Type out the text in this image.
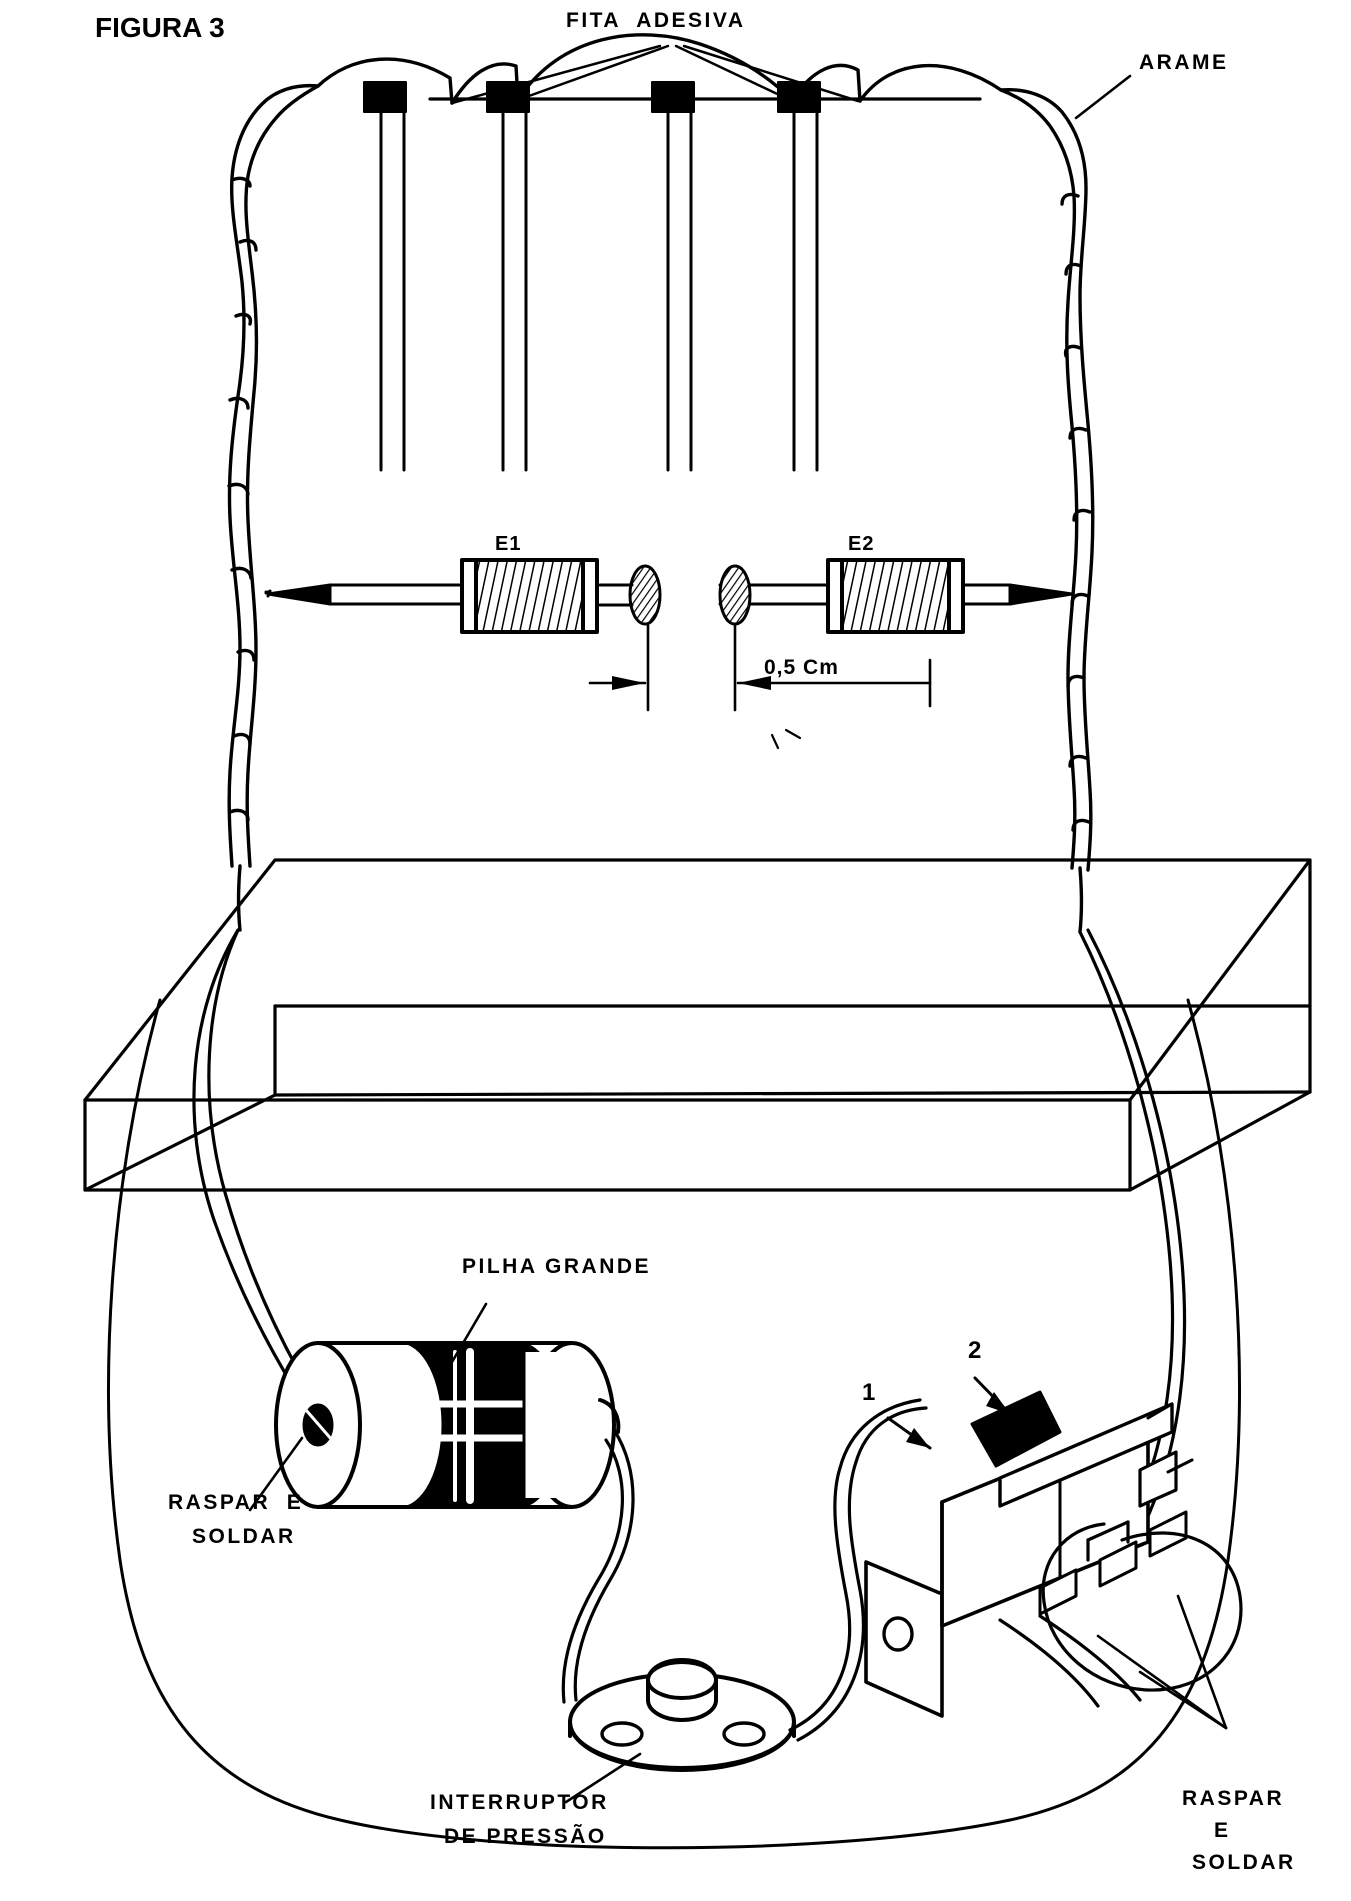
FIGURA 3	FITA  ADESIVA
ARAME
E1	E2
0,5 Cm
PILHA GRANDE
RASPAR  E
SOLDAR
INTERRUPTOR
DE PRESSÃO
RASPAR
E
SOLDAR
1
2
